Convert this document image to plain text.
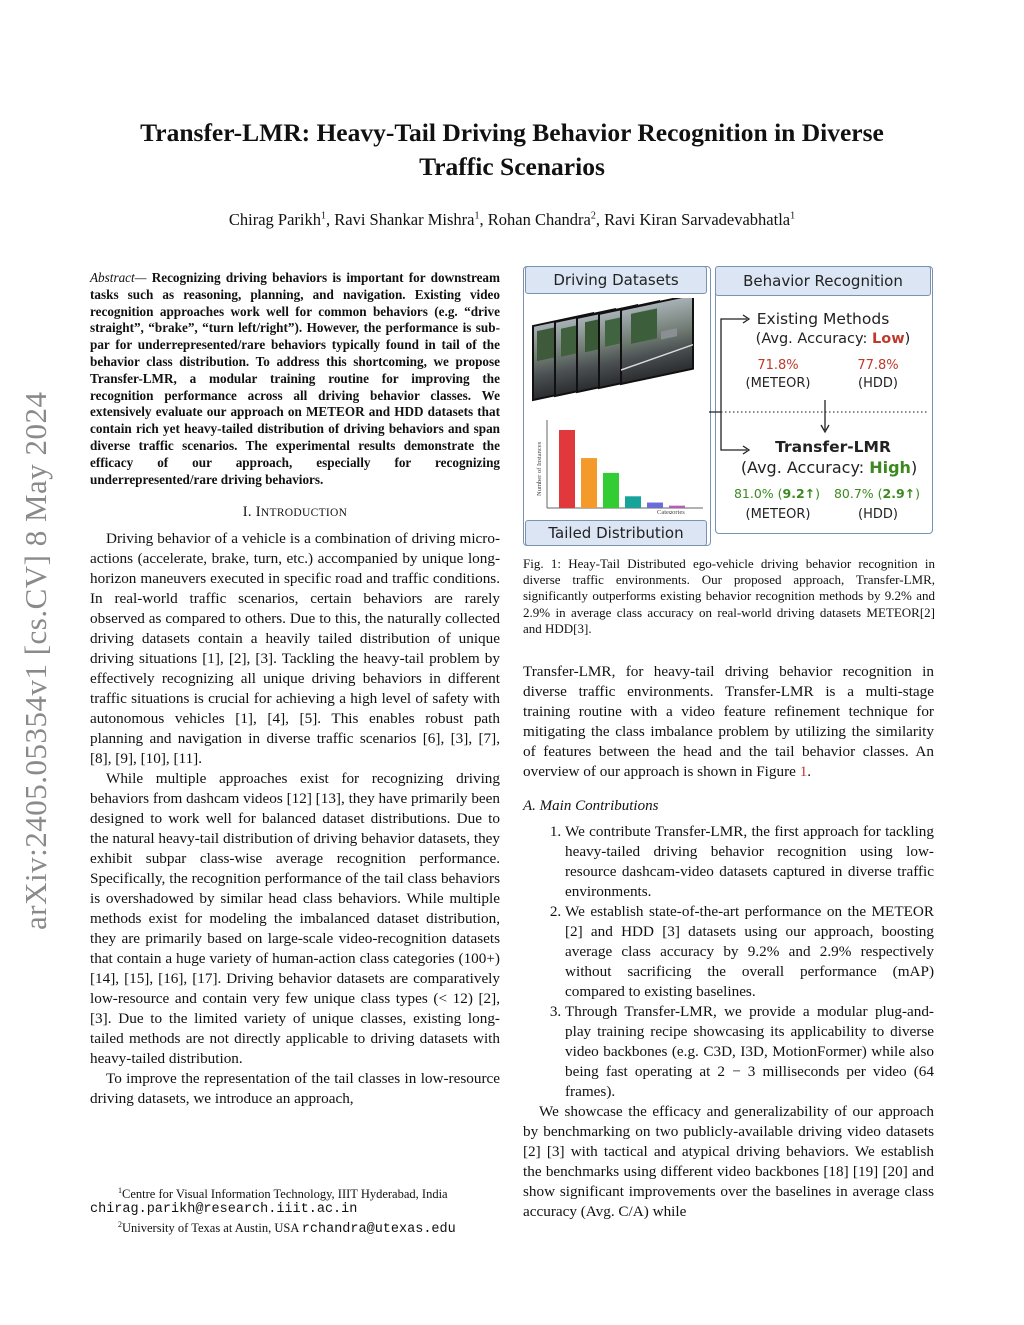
arXiv:2405.05354v1 [cs.CV] 8 May 2024
Transfer-LMR: Heavy-Tail Driving Behavior Recognition in Diverse
Traffic Scenarios
Chirag Parikh$^1$, Ravi Shankar Mishra$^1$, Rohan Chandra$^2$, Ravi Kiran Sarvadevabhatla$^1$
Abstract— Recognizing driving behaviors is important for downstream tasks such as reasoning, planning, and navigation. Existing video recognition approaches work well for common behaviors (e.g. “drive straight”, “brake”, “turn left/right”). However, the performance is sub-par for underrepresented/rare behaviors typically found in tail of the behavior class distribution. To address this shortcoming, we propose Transfer-LMR, a modular training routine for improving the recognition performance across all driving behavior classes. We extensively evaluate our approach on METEOR and HDD datasets that contain rich yet heavy-tailed distribution of driving behaviors and span diverse traffic scenarios. The experimental results demonstrate the efficacy of our approach, especially for recognizing underrepresented/rare driving behaviors.
I. INTRODUCTION

Driving behavior of a vehicle is a combination of driving micro-actions (accelerate, brake, turn, etc.) accompanied by unique long-horizon maneuvers executed in specific road and traffic conditions. In real-world traffic scenarios, certain behaviors are rarely observed as compared to others. Due to this, the naturally collected driving datasets contain a heavily tailed distribution of unique driving situations [1], [2], [3]. Tackling the heavy-tail problem by effectively recognizing all unique driving behaviors in different traffic situations is crucial for achieving a high level of safety with autonomous vehicles [1], [4], [5]. This enables robust path planning and navigation in diverse traffic scenarios [6], [3], [7], [8], [9], [10], [11].

While multiple approaches exist for recognizing driving behaviors from dashcam videos [12] [13], they have primarily been designed to work well for balanced dataset distributions. Due to the natural heavy-tail distribution of driving behavior datasets, they exhibit subpar class-wise average recognition performance. Specifically, the recognition performance of the tail class behaviors is overshadowed by similar head class behaviors. While multiple methods exist for modeling the imbalanced dataset distribution, they are primarily based on large-scale video-recognition datasets that contain a huge variety of human-action class categories (100+) [14], [15], [16], [17]. Driving behavior datasets are comparatively low-resource and contain very few unique class types (< 12) [2], [3]. Due to the limited variety of unique classes, existing long-tailed methods are not directly applicable to driving datasets with heavy-tailed distribution.

To improve the representation of the tail classes in low-resource driving datasets, we introduce an approach,

$^1$Centre for Visual Information Technology, IIIT Hyderabad, India
chirag.parikh@research.iiit.ac.in
$^2$University of Texas at Austin, USA rchandra@utexas.edu
Driving Datasets
Number of Instances
Categories
Tailed Distribution
Behavior Recognition
Existing Methods
(Avg. Accuracy: Low)
71.8%	77.8%
(METEOR)	(HDD)
Transfer-LMR
(Avg. Accuracy: High)
81.0% (9.2↑)	80.7% (2.9↑)
(METEOR)	(HDD)
Fig. 1: Heay-Tail Distributed ego-vehicle driving behavior recognition in diverse traffic environments. Our proposed approach, Transfer-LMR, significantly outperforms existing behavior recognition methods by 9.2% and 2.9% in average class accuracy on real-world driving datasets METEOR[2] and HDD[3].

Transfer-LMR, for heavy-tail driving behavior recognition in diverse traffic environments. Transfer-LMR is a multi-stage training routine with a video feature refinement technique for mitigating the class imbalance problem by utilizing the similarity of features between the head and the tail behavior classes. An overview of our approach is shown in Figure 1.

A. Main Contributions
1. We contribute Transfer-LMR, the first approach for tackling heavy-tailed driving behavior recognition using low-resource dashcam-video datasets captured in diverse traffic environments.
2. We establish state-of-the-art performance on the METEOR [2] and HDD [3] datasets using our approach, boosting average class accuracy by 9.2% and 2.9% respectively without sacrificing the overall performance (mAP) compared to existing baselines.
3. Through Transfer-LMR, we provide a modular plug-and-play training recipe showcasing its applicability to diverse video backbones (e.g. C3D, I3D, MotionFormer) while also being fast operating at 2 − 3 milliseconds per video (64 frames).

We showcase the efficacy and generalizability of our approach by benchmarking on two publicly-available driving video datasets [2] [3] with tactical and atypical driving behaviors. We establish the benchmarks using different video backbones [18] [19] [20] and show significant improvements over the baselines in average class accuracy (Avg. C/A) while
